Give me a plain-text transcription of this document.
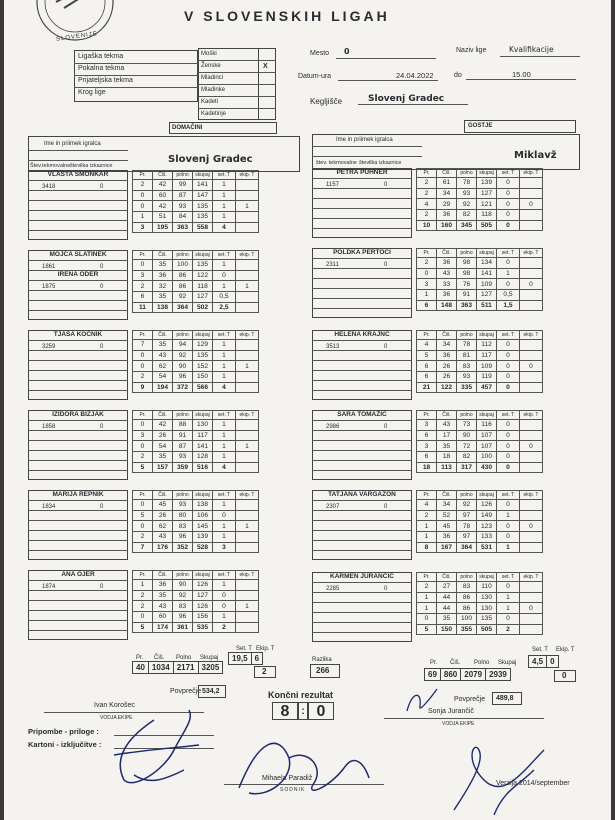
SLOVENIJE
V SLOVENSKIH LIGAH
Ligaška tekma
Pokalna tekma
Prijateljska tekma
Krog lige
Moški
Ženske
Mladinci
Mladinke
Kadeti
Kadetinje
X
Mesto 0	Naziv lige	Kvalifikacije
Datum-ura	24.04.2022	do	15.00
Kegljišče	Slovenj Gradec
DOMAČINI	GOSTJE
Ime in priimek igralca
Štev.tekmovalne številka izkaznice
Slovenj Gradec
Ime in priimek igralca
štev. tekmovalne številka izkaznice
Miklavž
VLASTA SMONKAR
3418	0
Pr.	Čiš.	polno	skupaj	set. T	ekip. T
2	42	99	141	1	
0	60	87	147	1	
0	42	93	135	1	1
1	51	84	135	1	
3	195	363	558	4	
MOJCA SLATINEK
1861	0
IRENA ODER
1875	0
Pr.	Čiš.	polno	skupaj	set. T	ekip. T
0	35	100	135	1	
3	36	86	122	0	
2	32	86	118	1	1
6	35	92	127	0,5	
11	138	364	502	2,5	
TJAŠA KOČNIK
3259	0
Pr.	Čiš.	polno	skupaj	set. T	ekip. T
7	35	94	129	1	
0	43	92	135	1	
0	62	90	152	1	1
2	54	96	150	1	
9	194	372	566	4	
IZIDORA BIZJAK
1858	0
Pr.	Čiš.	polno	skupaj	set. T	ekip. T
0	42	88	130	1	
3	26	91	117	1	
0	54	87	141	1	1
2	35	93	128	1	
5	157	359	516	4	
MARIJA REPNIK
1834	0
Pr.	Čiš.	polno	skupaj	set. T	ekip. T
0	45	93	138	1	
5	26	80	106	0	
0	62	83	145	1	1
2	43	96	139	1	
7	176	352	528	3	
ANA OJER
1874	0
Pr.	Čiš.	polno	skupaj	set. T	ekip. T
1	36	90	126	1	
2	35	92	127	0	
2	43	83	126	0	1
0	60	96	156	1	
5	174	361	535	2	
PETRA PUHNER
1157	0
Pr.	Čiš.	polno	skupaj	set. T	ekip. T
2	61	78	139	0	
2	34	93	127	0	
4	29	92	121	0	0
2	36	82	118	0	
10	160	345	505	0	
POLDKA PERTOCI
2311	0
Pr.	Čiš.	polno	skupaj	set. T	ekip. T
2	36	98	134	0	
0	43	98	141	1	
3	33	76	109	0	0
1	36	91	127	0,5	
6	148	363	511	1,5	
HELENA KRAJNC
3513	0
Pr.	Čiš.	polno	skupaj	set. T	ekip. T
4	34	78	112	0	
5	36	81	117	0	
6	26	83	109	0	0
6	26	93	119	0	
21	122	335	457	0	
SARA TOMAŽIČ
2986	0
Pr.	Čiš.	polno	skupaj	set. T	ekip. T
3	43	73	116	0	
6	17	90	107	0	
3	35	72	107	0	0
6	18	82	100	0	
18	113	317	430	0	
TATJANA VARGAZON
2307	0
Pr.	Čiš.	polno	skupaj	set. T	ekip. T
4	34	92	126	0	
2	52	97	149	1	
1	45	78	123	0	0
1	36	97	133	0	
8	167	364	531	1	
KARMEN JURANČIČ
2285	0
Pr.	Čiš.	polno	skupaj	set. T	ekip. T
2	27	83	110	0	
1	44	86	130	1	
1	44	86	130	1	0
0	35	100	135	0	
5	150	355	505	2	
Set. T Ekip. T
Pr. Čiš. Polno Skupaj
40	1034	2171	3205
19,5	6
2
Razlika
266
Set. T Ekip. T
Pr. Čiš. Polno Skupaj
69	860	2079	2939
4,5	0
0
Povprečje 534,2	Končni rezultat
8	: 0
Povprečje 489,8
Ivan Korošec
VODJA EKIPE
Sonja Jurančič
VODJA EKIPE
Pripombe - priloge :
Kartoni - izključitve :
Mihaela Paradiž
SODNIK
Verzija 2014/september
